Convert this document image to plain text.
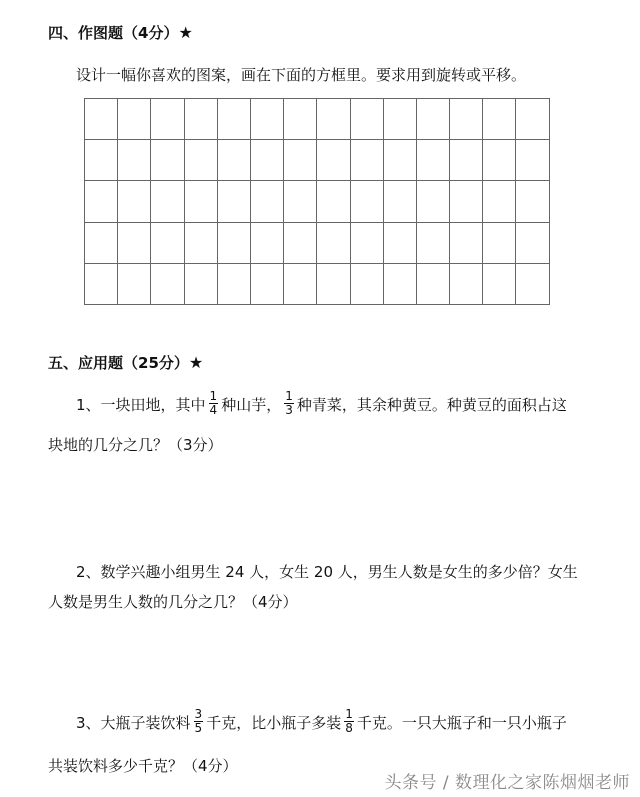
四、作图题（4分）★
设计一幅你喜欢的图案，画在下面的方框里。要求用到旋转或平移。

五、应用题（25分）★
1、一块田地，其中 $\frac{1}{4}$ 种山芋， $\frac{1}{3}$ 种青菜，其余种黄豆。种黄豆的面积占这
块地的几分之几？（3分）
2、数学兴趣小组男生 24 人，女生 20 人，男生人数是女生的多少倍？女生
人数是男生人数的几分之几？（4分）
3、大瓶子装饮料 $\frac{3}{5}$ 千克，比小瓶子多装 $\frac{1}{8}$ 千克。一只大瓶子和一只小瓶子
共装饮料多少千克？（4分）
头条号 / 数理化之家陈烟烟老师
